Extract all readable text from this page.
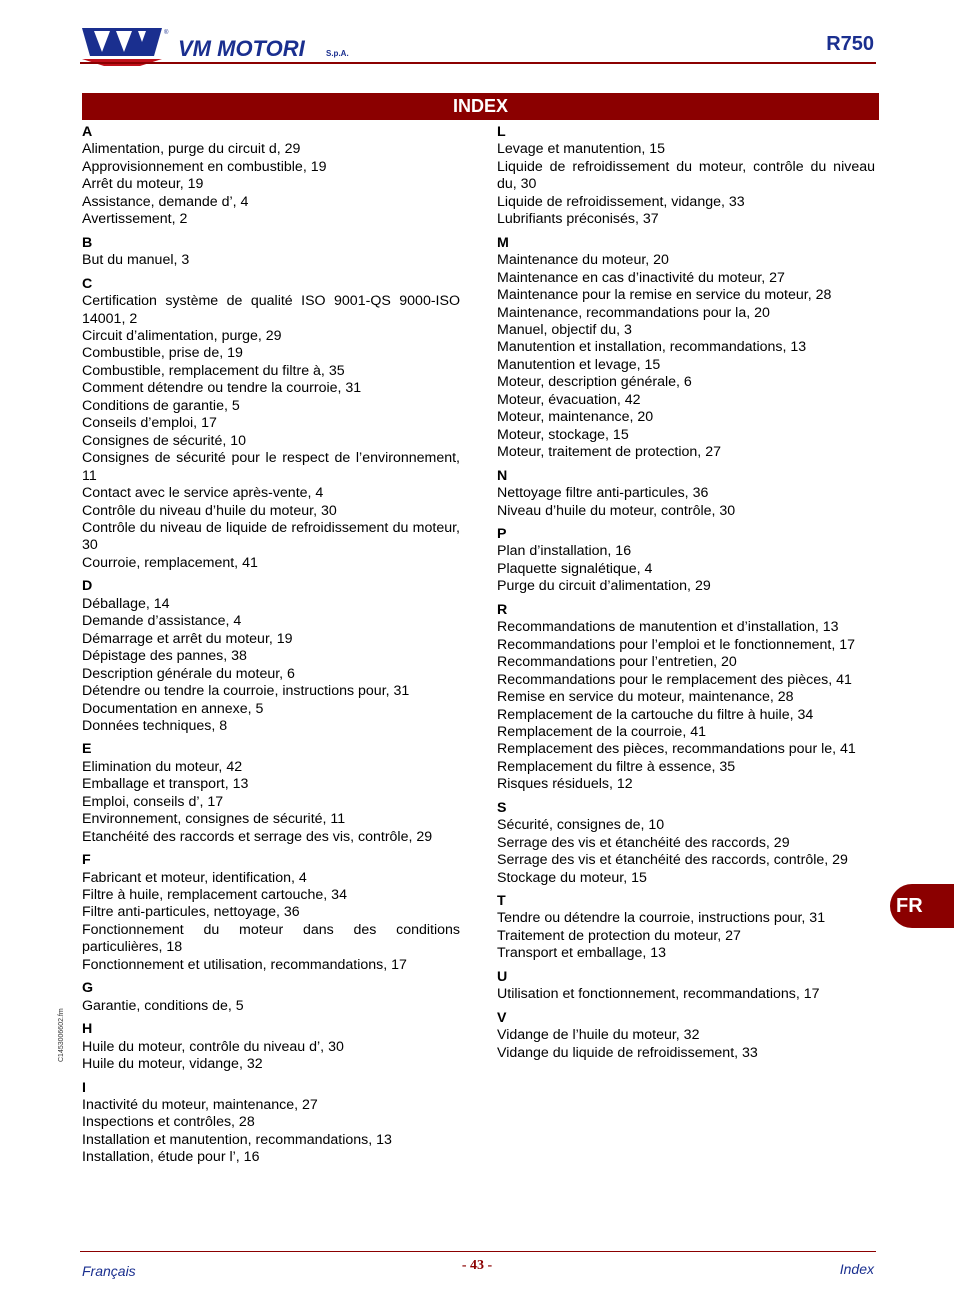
®
VM MOTORI	S.p.A.	R750
INDEX
A
Alimentation, purge du circuit d, 29
Approvisionnement en combustible, 19
Arrêt du moteur, 19
Assistance, demande d’, 4
Avertissement, 2
B
But du manuel, 3
C
Certification système de qualité ISO 9001-QS 9000-ISO 14001, 2
Circuit d’alimentation, purge, 29
Combustible, prise de, 19
Combustible, remplacement du filtre à, 35
Comment détendre ou tendre la courroie, 31
Conditions de garantie, 5
Conseils d’emploi, 17
Consignes de sécurité, 10
Consignes de sécurité pour le respect de l’environnement, 11
Contact avec le service après-vente, 4
Contrôle du niveau d’huile du moteur, 30
Contrôle du niveau de liquide de refroidissement du moteur, 30
Courroie, remplacement, 41
D
Déballage, 14
Demande d’assistance, 4
Démarrage et arrêt du moteur, 19
Dépistage des pannes, 38
Description générale du moteur, 6
Détendre ou tendre la courroie, instructions pour, 31
Documentation en annexe, 5
Données techniques, 8
E
Elimination du moteur, 42
Emballage et transport, 13
Emploi, conseils d’, 17
Environnement, consignes de sécurité, 11
Etanchéité des raccords et serrage des vis, contrôle, 29
F
Fabricant et moteur, identification, 4
Filtre à huile, remplacement cartouche, 34
Filtre anti-particules, nettoyage, 36
Fonctionnement du moteur dans des conditions particulières, 18
Fonctionnement et utilisation, recommandations, 17
G
Garantie, conditions de, 5
H
Huile du moteur, contrôle du niveau d’, 30
Huile du moteur, vidange, 32
I
Inactivité du moteur, maintenance, 27
Inspections et contrôles, 28
Installation et manutention, recommandations, 13
Installation, étude pour l’, 16
L
Levage et manutention, 15
Liquide de refroidissement du moteur, contrôle du niveau du, 30
Liquide de refroidissement, vidange, 33
Lubrifiants préconisés, 37
M
Maintenance du moteur, 20
Maintenance en cas d’inactivité du moteur, 27
Maintenance pour la remise en service du moteur, 28
Maintenance, recommandations pour la, 20
Manuel, objectif du, 3
Manutention et installation, recommandations, 13
Manutention et levage, 15
Moteur, description générale, 6
Moteur, évacuation, 42
Moteur, maintenance, 20
Moteur, stockage, 15
Moteur, traitement de protection, 27
N
Nettoyage filtre anti-particules, 36
Niveau d’huile du moteur, contrôle, 30
P
Plan d’installation, 16
Plaquette signalétique, 4
Purge du circuit d’alimentation, 29
R
Recommandations de manutention et d’installation, 13
Recommandations pour l’emploi et le fonctionnement, 17
Recommandations pour l’entretien, 20
Recommandations pour le remplacement des pièces, 41
Remise en service du moteur, maintenance, 28
Remplacement de la cartouche du filtre à huile, 34
Remplacement de la courroie, 41
Remplacement des pièces, recommandations pour le, 41
Remplacement du filtre à essence, 35
Risques résiduels, 12
S
Sécurité, consignes de, 10
Serrage des vis et étanchéité des raccords, 29
Serrage des vis et étanchéité des raccords, contrôle, 29
Stockage du moteur, 15
T
Tendre ou détendre la courroie, instructions pour, 31
Traitement de protection du moteur, 27
Transport et emballage, 13
U
Utilisation et fonctionnement, recommandations, 17
V
Vidange de l’huile du moteur, 32
Vidange du liquide de refroidissement, 33
FR
C1453006602.fm
Français	- 43 -	Index
